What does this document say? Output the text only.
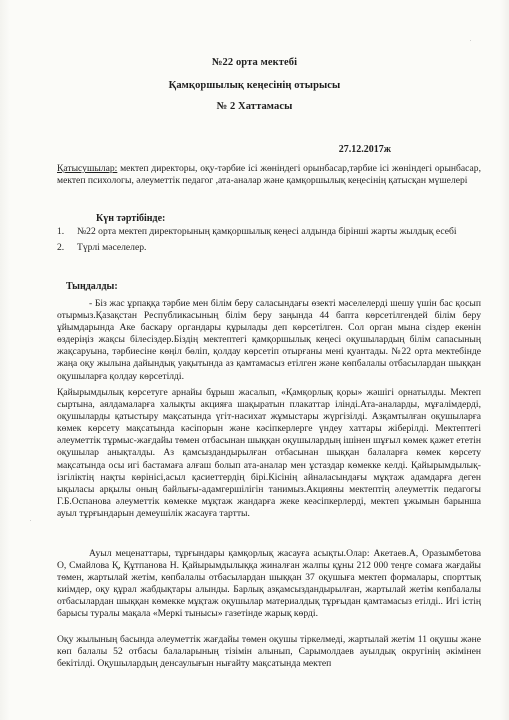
№22 орта мектебі
Қамқоршылық кеңесінің отырысы
№ 2 Хаттамасы
27.12.2017ж
Қатысушылар: мектеп директоры, оқу-тәрбие ісі жөніндегі орынбасар,тәрбие ісі жөніндегі орынбасар, мектеп психологы, әлеуметтік педагог ,ата-аналар және қамқоршылық кеңесінің қатысқан мүшелері
Күн тәртібінде:
1. №22 орта мектеп директорының қамқоршылық кеңесі алдында бірінші жарты жылдық есебі
2. Түрлі мәселелер.
Тыңдалды:
- Біз жас ұрпаққа тәрбие мен білім беру саласындағы өзекті мәселелерді шешу үшін бас қосып отырмыз.Қазақстан Республикасының білім беру заңында 44 бапта көрсетілгендей білім беру ұйымдарында Аке баскару органдары құрылады деп көрсетілген. Сол орган мына сіздер екенін өздеріңіз жақсы білесіздер.Біздің мектептегі қамқоршылық кеңесі оқушылардың білім сапасының жақсаруына, тәрбиесіне көңіл бөліп, қолдау көрсетіп отырғаны мені қуантады. №22 орта мектебінде жаңа оқу жылына дайындық уақытында аз қамтамасыз етілген және көпбалалы отбасылардан шыққан оқушыларға қолдау көрсетілді.
Қайырымдылық көрсетуге арнайы бұрыш жасалып, «Қамқорлық қоры» жәшігі орнатылды. Мектеп сыртына, аялдамаларға халықты акцияға шақыратын плакаттар ілінді.Ата-аналарды, мұғалімдерді, оқушыларды қатыстыру мақсатында үгіт-насихат жұмыстары жүргізілді. Азқамтылған оқушыларға көмек көрсету мақсатында кәсіпорын және кәсіпкерлерге үндеу хаттары жіберілді. Мектептегі әлеуметтік тұрмыс-жағдайы төмен отбасынан шыққан оқушылардың ішінен шұғыл көмек қажет ететін оқушылар анықталды. Аз қамсыздандырылған отбасынан шыққан балаларға көмек көрсету мақсатында осы игі бастамаға алғаш болып ата-аналар мен ұстаздар көмекке келді. Қайырымдылық-ізгіліктің нақты көрінісі,асыл қасиеттердің бірі.Кісінің айналасындағы мұқтаж адамдарға деген ықыласы арқылы оның байлығы-адамгершілігін танимыз.Акцияны мектептің әлеуметтік педагогы Г.Б.Оспанова әлеуметтік көмекке мұқтаж жандарға жеке кеәсіпкерлерді, мектеп ұжымын барынша ауыл тұрғындарын демеушілік жасауға тартты.
Ауыл меценаттары, тұрғындары қамқорлық жасауға асықты.Олар: Акетаев.А, Оразымбетова О, Смайлова Қ, Құтпанова Н. Қайырымдылыққа жиналған жалпы құны 212 000 теңге сомаға жағдайы төмен, жартылай жетім, көпбалалы отбасылардан шыққан 37 оқушыға мектеп формалары, спорттық киімдер, оқу құрал жабдықтары алынды. Барлық азқамсыздандырылған, жартылай жетім көпбалалы отбасылардан шыққан көмекке мұқтаж оқушылар материалдық тұрғыдан қамтамасыз етілді.. Игі істің барысы туралы мақала «Меркі тынысы» газетінде жарық көрді.
Оқу жылының басында әлеуметтік жағдайы төмен оқушы тіркелмеді, жартылай жетім 11 оқушы және көп балалы 52 отбасы балаларының тізімін алынып, Сарымолдаев ауылдық округінің әкімінен бекітілді. Оқушылардың денсаулығын нығайту мақсатында мектеп
